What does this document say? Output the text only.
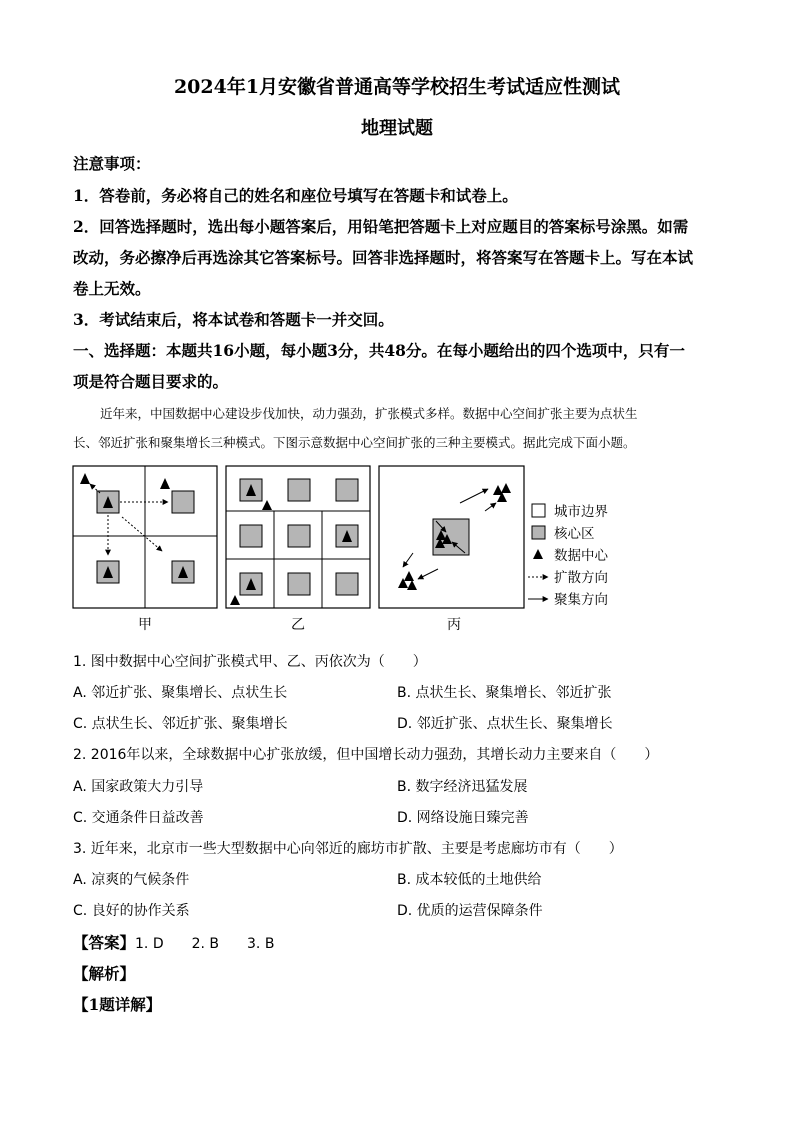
2024年1月安徽省普通高等学校招生考试适应性测试
地理试题
注意事项：
1．答卷前，务必将自己的姓名和座位号填写在答题卡和试卷上。
2．回答选择题时，选出每小题答案后，用铅笔把答题卡上对应题目的答案标号涂黑。如需
改动，务必擦净后再选涂其它答案标号。回答非选择题时，将答案写在答题卡上。写在本试
卷上无效。
3．考试结束后，将本试卷和答题卡一并交回。
一、选择题：本题共16小题，每小题3分，共48分。在每小题给出的四个选项中，只有一
项是符合题目要求的。
近年来，中国数据中心建设步伐加快，动力强劲，扩张模式多样。数据中心空间扩张主要为点状生
长、邻近扩张和聚集增长三种模式。下图示意数据中心空间扩张的三种主要模式。据此完成下面小题。
甲	乙	丙
城市边界
核心区
数据中心
扩散方向
聚集方向
1. 图中数据中心空间扩张模式甲、乙、丙依次为（　　）
A. 邻近扩张、聚集增长、点状生长	B. 点状生长、聚集增长、邻近扩张
C. 点状生长、邻近扩张、聚集增长	D. 邻近扩张、点状生长、聚集增长
2. 2016年以来，全球数据中心扩张放缓，但中国增长动力强劲，其增长动力主要来自（　　）
A. 国家政策大力引导	B. 数字经济迅猛发展
C. 交通条件日益改善	D. 网络设施日臻完善
3. 近年来，北京市一些大型数据中心向邻近的廊坊市扩散、主要是考虑廊坊市有（　　）
A. 凉爽的气候条件	B. 成本较低的土地供给
C. 良好的协作关系	D. 优质的运营保障条件
【答案】1. D　　2. B　　3. B
【解析】
【1题详解】
